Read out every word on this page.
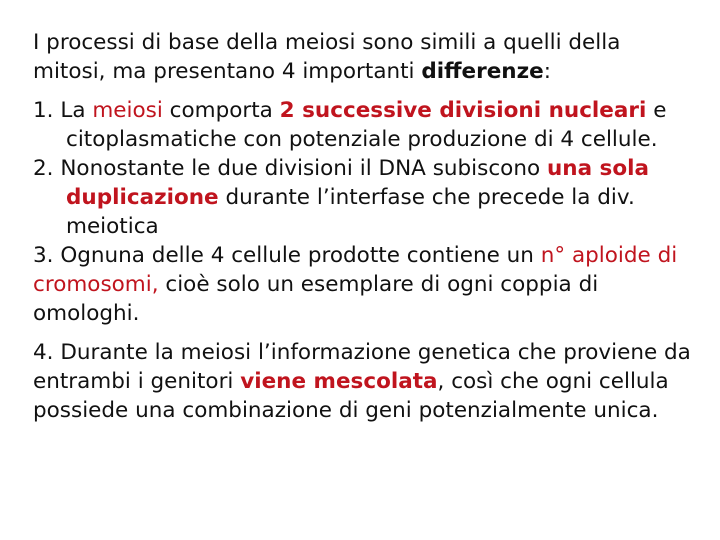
I processi di base della meiosi sono simili a quelli della mitosi, ma presentano 4 importanti differenze:

1. La meiosi comporta 2 successive divisioni nucleari e citoplasmatiche con potenziale produzione di 4 cellule.

2. Nonostante le due divisioni il DNA subiscono una sola duplicazione durante l’interfase che precede la div. meiotica

3. Ognuna delle 4 cellule prodotte contiene un n° aploide di cromosomi, cioè solo un esemplare di ogni coppia di omologhi.

4. Durante la meiosi l’informazione genetica che proviene da entrambi i genitori viene mescolata, così che ogni cellula possiede una combinazione di geni potenzialmente unica.
